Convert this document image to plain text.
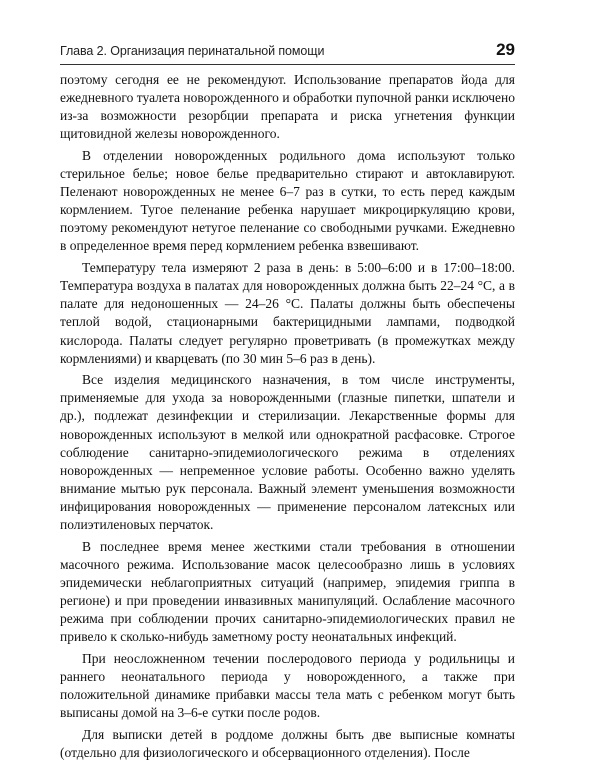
Глава 2. Организация перинатальной помощи	29

поэтому сегодня ее не рекомендуют. Использование препаратов йода для ежедневного туалета новорожденного и обработки пупочной ранки исключено из-за возможности резорбции препарата и риска угнетения функции щитовидной железы новорожденного.

В отделении новорожденных родильного дома используют только стерильное белье; новое белье предварительно стирают и автоклавируют. Пеленают новорожденных не менее 6–7 раз в сутки, то есть перед каждым кормлением. Тугое пеленание ребенка нарушает микроциркуляцию крови, поэтому рекомендуют нетугое пеленание со свободными ручками. Ежедневно в определенное время перед кормлением ребенка взвешивают.

Температуру тела измеряют 2 раза в день: в 5:00–6:00 и в 17:00–18:00. Температура воздуха в палатах для новорожденных должна быть 22–24 °С, а в палате для недоношенных — 24–26 °С. Палаты должны быть обеспечены теплой водой, стационарными бактерицидными лампами, подводкой кислорода. Палаты следует регулярно проветривать (в промежутках между кормлениями) и кварцевать (по 30 мин 5–6 раз в день).

Все изделия медицинского назначения, в том числе инструменты, применяемые для ухода за новорожденными (глазные пипетки, шпатели и др.), подлежат дезинфекции и стерилизации. Лекарственные формы для новорожденных используют в мелкой или однократной расфасовке. Строгое соблюдение санитарно-эпидемиологического режима в отделениях новорожденных — непременное условие работы. Особенно важно уделять внимание мытью рук персонала. Важный элемент уменьшения возможности инфицирования новорожденных — применение персоналом латексных или полиэтиленовых перчаток.

В последнее время менее жесткими стали требования в отношении масочного режима. Использование масок целесообразно лишь в условиях эпидемически неблагоприятных ситуаций (например, эпидемия гриппа в регионе) и при проведении инвазивных манипуляций. Ослабление масочного режима при соблюдении прочих санитарно-эпидемиологических правил не привело к сколько-нибудь заметному росту неонатальных инфекций.

При неосложненном течении послеродового периода у родильницы и раннего неонатального периода у новорожденного, а также при положительной динамике прибавки массы тела мать с ребенком могут быть выписаны домой на 3–6-е сутки после родов.

Для выписки детей в роддоме должны быть две выписные комнаты (отдельно для физиологического и обсервационного отделения). После
